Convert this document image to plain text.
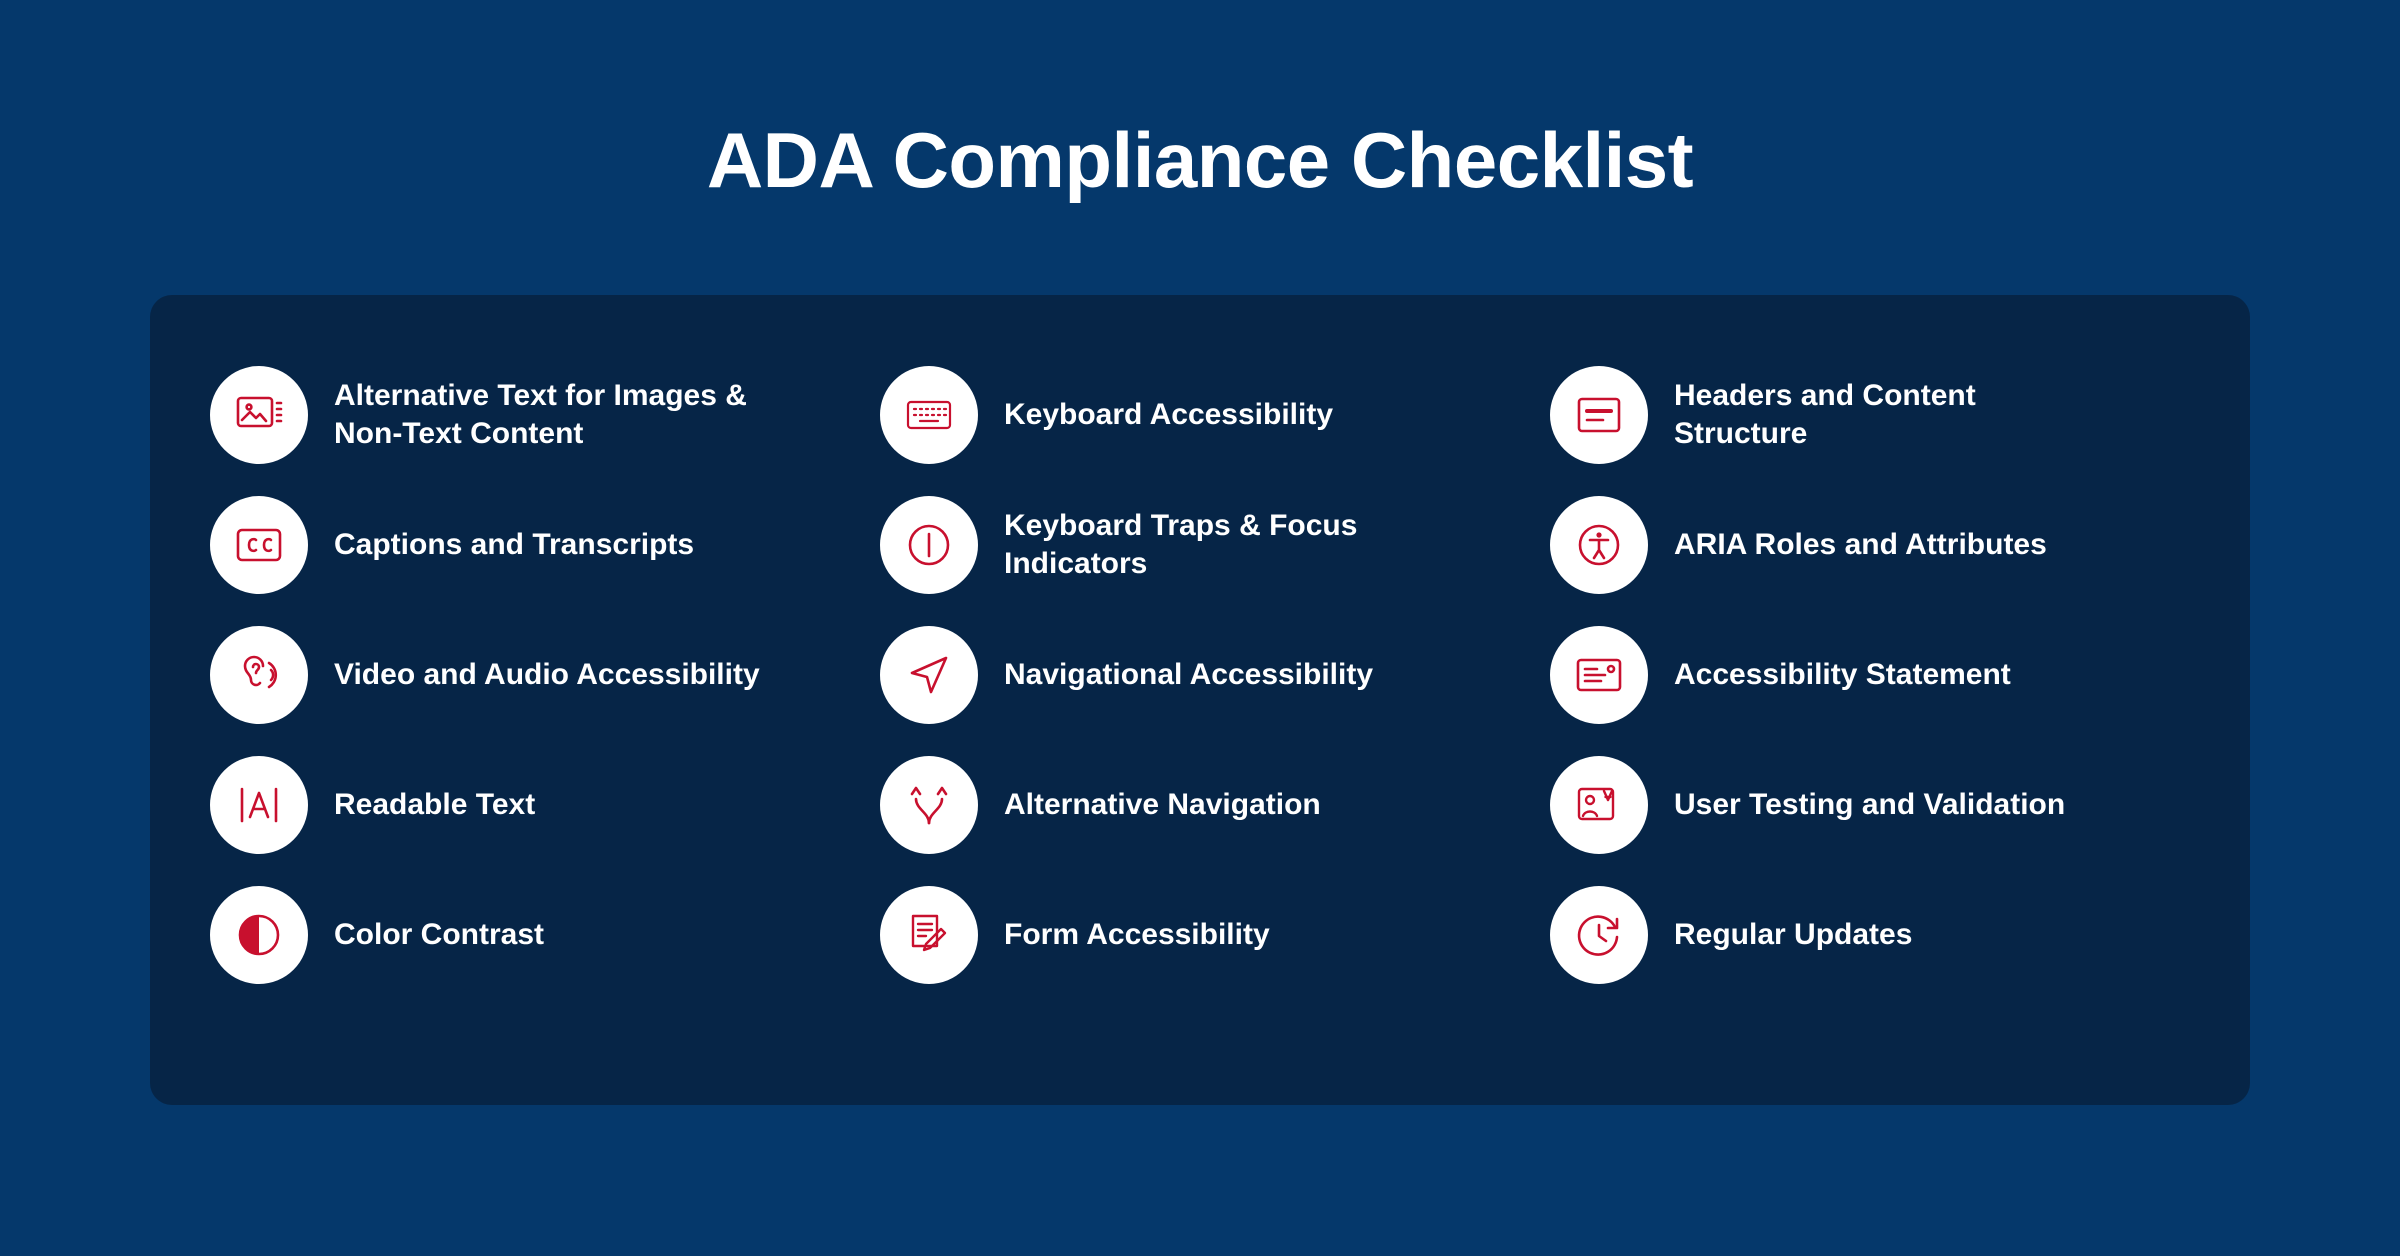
ADA Compliance Checklist
Alternative Text for Images & Non-Text Content
Captions and Transcripts
Video and Audio Accessibility
Readable Text
Color Contrast
Keyboard Accessibility
Keyboard Traps & Focus Indicators
Navigational Accessibility
Alternative Navigation
Form Accessibility
Headers and Content Structure
ARIA Roles and Attributes
Accessibility Statement
User Testing and Validation
Regular Updates
